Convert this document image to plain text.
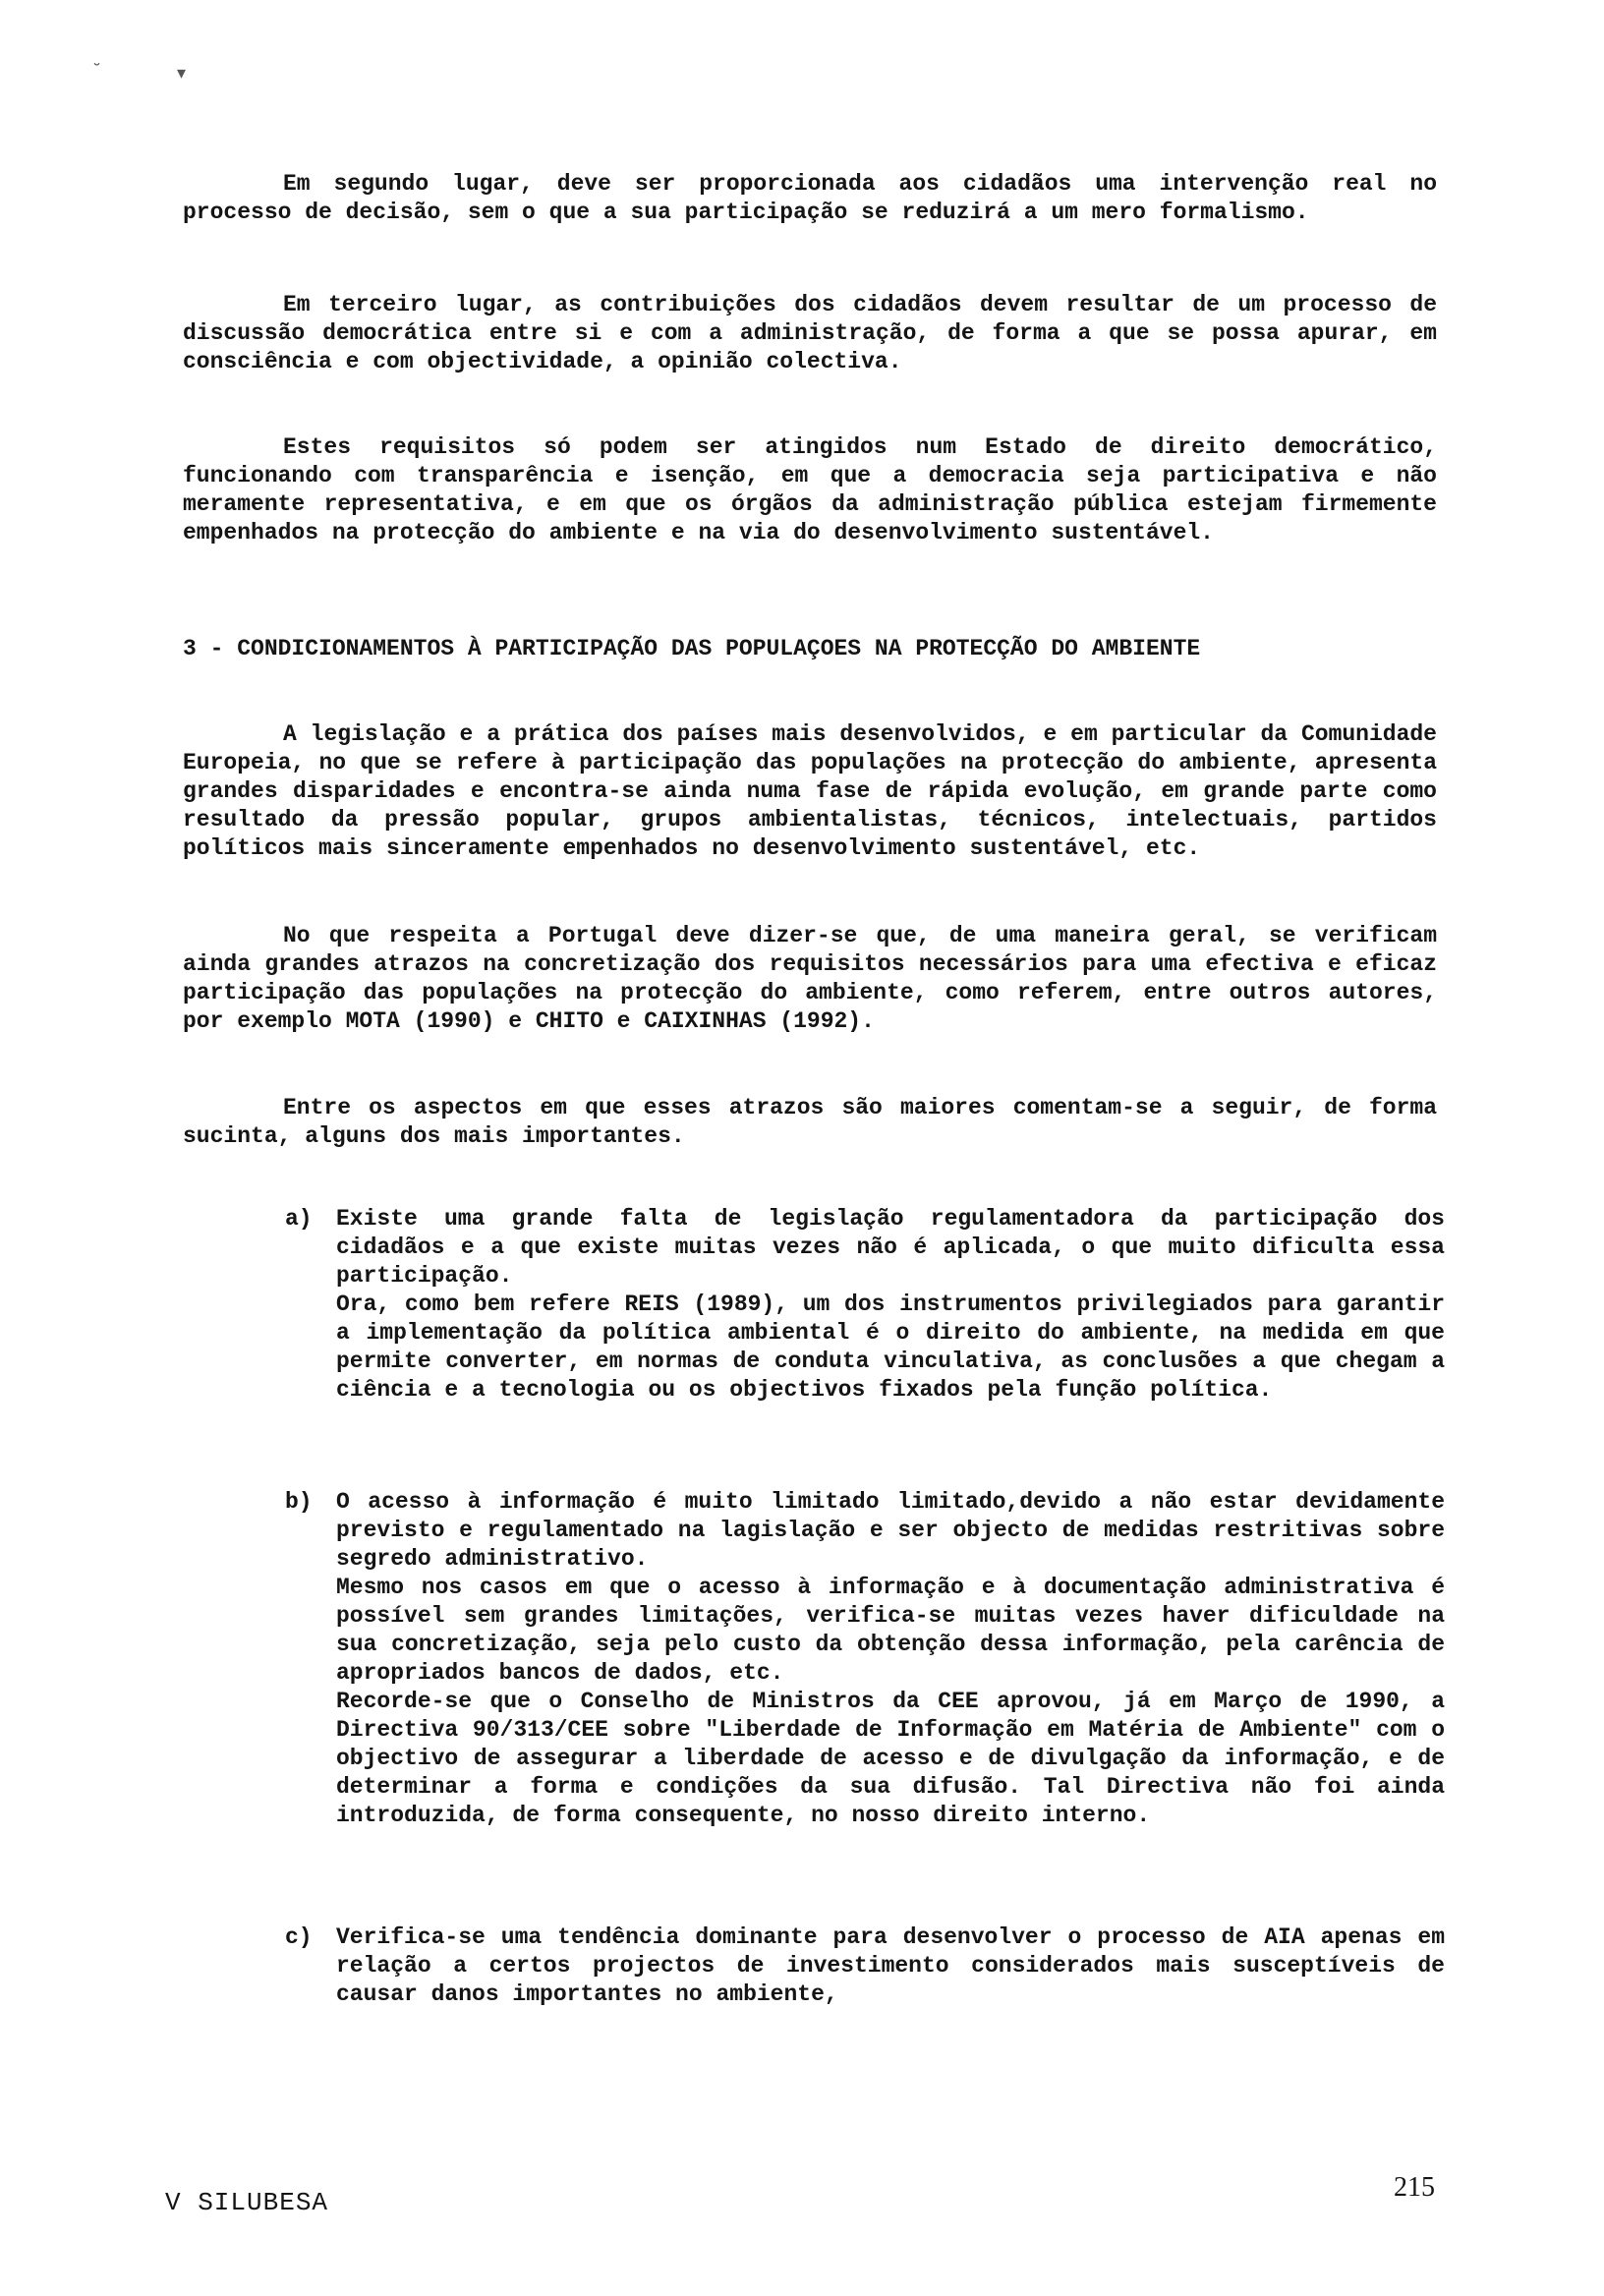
˘	▾

Em segundo lugar, deve ser proporcionada aos cidadãos uma intervenção real no processo de decisão, sem o que a sua participação se reduzirá a um mero formalismo.

Em terceiro lugar, as contribuições dos cidadãos devem resultar de um processo de discussão democrática entre si e com a administração, de forma a que se possa apurar, em consciência e com objectividade, a opinião colectiva.

Estes requisitos só podem ser atingidos num Estado de direito democrático, funcionando com transparência e isenção, em que a democracia seja participativa e não meramente representativa, e em que os órgãos da administração pública estejam firmemente empenhados na protecção do ambiente e na via do desenvolvimento sustentável.

3 - CONDICIONAMENTOS À PARTICIPAÇÃO DAS POPULAÇOES NA PROTECÇÃO DO AMBIENTE

A legislação e a prática dos países mais desenvolvidos, e em particular da Comunidade Europeia, no que se refere à participação das populações na protecção do ambiente, apresenta grandes disparidades e encontra-se ainda numa fase de rápida evolução, em grande parte como resultado da pressão popular, grupos ambientalistas, técnicos, intelectuais, partidos políticos mais sinceramente empenhados no desenvolvimento sustentável, etc.

No que respeita a Portugal deve dizer-se que, de uma maneira geral, se verificam ainda grandes atrazos na concretização dos requisitos necessários para uma efectiva e eficaz participação das populações na protecção do ambiente, como referem, entre outros autores, por exemplo MOTA (1990) e CHITO e CAIXINHAS (1992).

Entre os aspectos em que esses atrazos são maiores comentam-se a seguir, de forma sucinta, alguns dos mais importantes.

a) Existe uma grande falta de legislação regulamentadora da participação dos cidadãos e a que existe muitas vezes não é aplicada, o que muito dificulta essa participação.

Ora, como bem refere REIS (1989), um dos instrumentos privilegiados para garantir a implementação da política ambiental é o direito do ambiente, na medida em que permite converter, em normas de conduta vinculativa, as conclusões a que chegam a ciência e a tecnologia ou os objectivos fixados pela função política.

b) O acesso à informação é muito limitado limitado,devido a não estar devidamente previsto e regulamentado na lagislação e ser objecto de medidas restritivas sobre segredo administrativo.

Mesmo nos casos em que o acesso à informação e à documentação administrativa é possível sem grandes limitações, verifica-se muitas vezes haver dificuldade na sua concretização, seja pelo custo da obtenção dessa informação, pela carência de apropriados bancos de dados, etc.

Recorde-se que o Conselho de Ministros da CEE aprovou, já em Março de 1990, a Directiva 90/313/CEE sobre "Liberdade de Informação em Matéria de Ambiente" com o objectivo de assegurar a liberdade de acesso e de divulgação da informação, e de determinar a forma e condições da sua difusão. Tal Directiva não foi ainda introduzida, de forma consequente, no nosso direito interno.

c) Verifica-se uma tendência dominante para desenvolver o processo de AIA apenas em relação a certos projectos de investimento considerados mais susceptíveis de causar danos importantes no ambiente,

V SILUBESA	215
